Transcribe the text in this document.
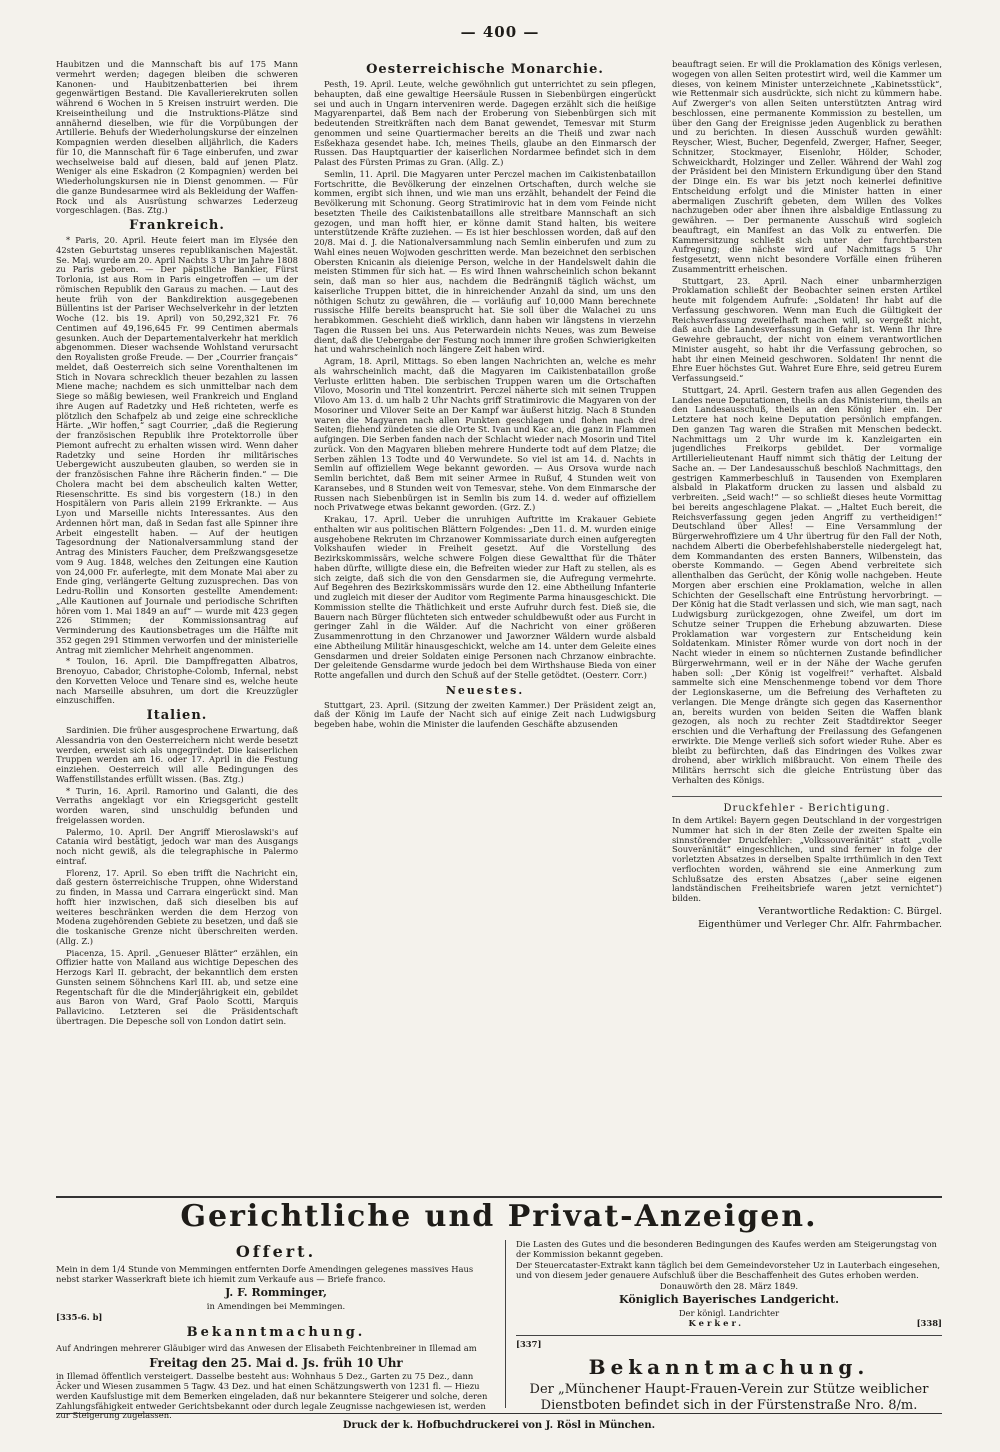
— 400 —

Haubitzen und die Mannschaft bis auf 175 Mann vermehrt werden; dagegen bleiben die schweren Kanonen- und Haubitzenbatterien bei ihrem gegenwärtigen Bestand. Die Kavallerierekruten sollen während 6 Wochen in 5 Kreisen instruirt werden. Die Kreiseintheilung und die Instruktions-Plätze sind annähernd dieselben, wie für die Vorpübungen der Artillerie. Behufs der Wiederholungskurse der einzelnen Kompagnien werden dieselben alljährlich, die Kaders für 10, die Mannschaft für 6 Tage einberufen, und zwar wechselweise bald auf diesen, bald auf jenen Platz. Weniger als eine Eskadron (2 Kompagnien) werden bei Wiederholungskursen nie in Dienst genommen. — Für die ganze Bundesarmee wird als Bekleidung der Waffen-Rock und als Ausrüstung schwarzes Lederzeug vorgeschlagen. (Bas. Ztg.)

Frankreich.

* Paris, 20. April. Heute feiert man im Elysée den 42sten Geburtstag unseres republikanischen Majestät. Se. Maj. wurde am 20. April Nachts 3 Uhr im Jahre 1808 zu Paris geboren. — Der päpstliche Bankier, Fürst Torlonia, ist aus Rom in Paris eingetroffen — um der römischen Republik den Garaus zu machen. — Laut des heute früh von der Bankdirektion ausgegebenen Büllentins ist der Pariser Wechselverkehr in der letzten Woche (12. bis 19. April) von 50,292,321 Fr. 76 Centimen auf 49,196,645 Fr. 99 Centimen abermals gesunken. Auch der Departementalverkehr hat merklich abgenommen. Dieser wachsende Wohlstand verursacht den Royalisten große Freude. — Der „Courrier français“ meldet, daß Oesterreich sich seine Vorenthaltenen im Stich in Novara schrecklich theuer bezahlen zu lassen Miene mache; nachdem es sich unmittelbar nach dem Siege so mäßig bewiesen, weil Frankreich und England ihre Augen auf Radetzky und Heß richteten, werfe es plötzlich den Schafpelz ab und zeige eine schreckliche Härte. „Wir hoffen,“ sagt Courrier, „daß die Regierung der französischen Republik ihre Protektorrolle über Piemont aufrecht zu erhalten wissen wird. Wenn daher Radetzky und seine Horden ihr militärisches Uebergewicht auszubeuten glauben, so werden sie in der französischen Fahne ihre Rächerin finden.“ — Die Cholera macht bei dem abscheulich kalten Wetter, Riesenschritte. Es sind bis vorgestern (18.) in den Hospitälern von Paris allein 2199 Erkrankte. — Aus Lyon und Marseille nichts Interessantes. Aus den Ardennen hört man, daß in Sedan fast alle Spinner ihre Arbeit eingestellt haben. — Auf der heutigen Tagesordnung der Nationalversammlung stand der Antrag des Ministers Faucher, dem Preßzwangsgesetze vom 9 Aug. 1848, welches den Zeitungen eine Kaution von 24,000 Fr. auferlegte, mit dem Monate Mai aber zu Ende ging, verlängerte Geltung zuzusprechen. Das von Ledru-Rollin und Konsorten gestellte Amendement: „Alle Kautionen auf Journale und periodische Schriften hören vom 1. Mai 1849 an auf“ — wurde mit 423 gegen 226 Stimmen; der Kommissionsantrag auf Verminderung des Kautionsbetrages um die Hälfte mit 352 gegen 291 Stimmen verworfen und der ministerielle Antrag mit ziemlicher Mehrheit angenommen.

* Toulon, 16. April. Die Dampffregatten Albatros, Brenoyuo, Cabador, Christophe-Colomb, Infernal, nebst den Korvetten Veloce und Tenare sind es, welche heute nach Marseille absuhren, um dort die Kreuzzügler einzuschiffen.

Italien.

Sardinien. Die früher ausgesprochene Erwartung, daß Alessandria von den Oesterreichern nicht werde besetzt werden, erweist sich als ungegründet. Die kaiserlichen Truppen werden am 16. oder 17. April in die Festung einziehen. Oesterreich will alle Bedingungen des Waffenstillstandes erfüllt wissen. (Bas. Ztg.)

* Turin, 16. April. Ramorino und Galanti, die des Verraths angeklagt vor ein Kriegsgericht gestellt worden waren, sind unschuldig befunden und freigelassen worden.

Palermo, 10. April. Der Angriff Mieroslawski's auf Catania wird bestätigt, jedoch war man des Ausgangs noch nicht gewiß, als die telegraphische in Palermo eintraf.

Florenz, 17. April. So eben trifft die Nachricht ein, daß gestern österreichische Truppen, ohne Widerstand zu finden, in Massa und Carrara eingerückt sind. Man hofft hier inzwischen, daß sich dieselben bis auf weiteres beschränken werden die dem Herzog von Modena zugehörenden Gebiete zu besetzen, und daß sie die toskanische Grenze nicht überschreiten werden. (Allg. Z.)

Piacenza, 15. April. „Genueser Blätter“ erzählen, ein Offizier hatte von Mailand aus wichtige Depeschen des Herzogs Karl II. gebracht, der bekanntlich dem ersten Gunsten seinem Söhnchens Karl III. ab, und setze eine Regentschaft für die die Minderjährigkeit ein, gebildet aus Baron von Ward, Graf Paolo Scotti, Marquis Pallavicino. Letzteren sei die Präsidentschaft übertragen. Die Depesche soll von London datirt sein.

Oesterreichische Monarchie.

Pesth, 19. April. Leute, welche gewöhnlich gut unterrichtet zu sein pflegen, behaupten, daß eine gewaltige Heersäule Russen in Siebenbürgen eingerückt sei und auch in Ungarn interveniren werde. Dagegen erzählt sich die heißige Magyarenpartei, daß Bem nach der Eroberung von Siebenbürgen sich mit bedeutenden Streitkräften nach dem Banat gewendet, Temesvar mit Sturm genommen und seine Quartiermacher bereits an die Theiß und zwar nach Esßekhaza gesendet habe. Ich, meines Theils, glaube an den Einmarsch der Russen. Das Hauptquartier der kaiserlichen Nordarmee befindet sich in dem Palast des Fürsten Primas zu Gran. (Allg. Z.)

Semlin, 11. April. Die Magyaren unter Perczel machen im Caikistenbataillon Fortschritte, die Bevölkerung der einzelnen Ortschaften, durch welche sie kommen, ergibt sich ihnen, und wie man uns erzählt, behandelt der Feind die Bevölkerung mit Schonung. Georg Stratimirovic hat in dem vom Feinde nicht besetzten Theile des Caikistenbataillons alle streitbare Mannschaft an sich gezogen, und man hofft hier, er könne damit Stand halten, bis weitere unterstützende Kräfte zuziehen. — Es ist hier beschlossen worden, daß auf den 20/8. Mai d. J. die Nationalversammlung nach Semlin einberufen und zum zu Wahl eines neuen Wojwoden geschritten werde. Man bezeichnet den serbischen Obersten Knicanin als dieienige Person, welche in der Handelswelt dahin die meisten Stimmen für sich hat. — Es wird Ihnen wahrscheinlich schon bekannt sein, daß man so hier aus, nachdem die Bedrängniß täglich wächst, um kaiserliche Truppen bittet, die in hinreichender Anzahl da sind, um uns den nöthigen Schutz zu gewähren, die — vorläufig auf 10,000 Mann berechnete russische Hilfe bereits beansprucht hat. Sie soll über die Walachei zu uns herabkommen. Geschieht dieß wirklich, dann haben wir längstens in vierzehn Tagen die Russen bei uns. Aus Peterwardein nichts Neues, was zum Beweise dient, daß die Uebergabe der Festung noch immer ihre großen Schwierigkeiten hat und wahrscheinlich noch längere Zeit haben wird.

Agram, 18. April, Mittags. So eben langen Nachrichten an, welche es mehr als wahrscheinlich macht, daß die Magyaren im Caikistenbataillon große Verluste erlitten haben. Die serbischen Truppen waren um die Ortschaften Vilovo, Mosorin und Titel konzentrirt. Perczel näherte sich mit seinen Truppen Vilovo Am 13. d. um halb 2 Uhr Nachts griff Stratimirovic die Magyaren von der Mosoriner und Vilover Seite an Der Kampf war äußerst hitzig. Nach 8 Stunden waren die Magyaren nach allen Punkten geschlagen und flohen nach drei Seiten; fliehend zündeten sie die Orte St. Ivan und Kac an, die ganz in Flammen aufgingen. Die Serben fanden nach der Schlacht wieder nach Mosorin und Titel zurück. Von den Magyaren blieben mehrere Hunderte todt auf dem Platze; die Serben zählen 13 Todte und 40 Verwundete. So viel ist am 14. d. Nachts in Semlin auf offiziellem Wege bekannt geworden. — Aus Orsova wurde nach Semlin berichtet, daß Bem mit seiner Armee in Rußuf, 4 Stunden weit von Karansebes, und 8 Stunden weit von Temesvar, stehe. Von dem Einmarsche der Russen nach Siebenbürgen ist in Semlin bis zum 14. d. weder auf offiziellem noch Privatwege etwas bekannt geworden. (Grz. Z.)

Krakau, 17. April. Ueber die unruhigen Auftritte im Krakauer Gebiete enthalten wir aus politischen Blättern Folgendes: „Den 11. d. M. wurden einige ausgehobene Rekruten im Chrzanower Kommissariate durch einen aufgeregten Volkshaufen wieder in Freiheit gesetzt. Auf die Vorstellung des Bezirkskommissärs, welche schwere Folgen diese Gewaltthat für die Thäter haben dürfte, willigte diese ein, die Befreiten wieder zur Haft zu stellen, als es sich zeigte, daß sich die von den Gensdarmen sie, die Aufregung vermehrte. Auf Begehren des Bezirkskommissärs wurde den 12. eine Abtheilung Infanterie und zugleich mit dieser der Auditor vom Regimente Parma hinausgeschickt. Die Kommission stellte die Thätlichkeit und erste Aufruhr durch fest. Dieß sie, die Bauern nach Bürger flüchteten sich entweder schuldbewußt oder aus Furcht in geringer Zahl in die Wälder. Auf die Nachricht von einer größeren Zusammenrottung in den Chrzanower und Jaworzner Wäldern wurde alsbald eine Abtheilung Militär hinausgeschickt, welche am 14. unter dem Geleite eines Gensdarmen und dreier Soldaten einige Personen nach Chrzanow einbrachte. Der geleitende Gensdarme wurde jedoch bei dem Wirthshause Bieda von einer Rotte angefallen und durch den Schuß auf der Stelle getödtet. (Oesterr. Corr.)

Neuestes.

Stuttgart, 23. April. (Sitzung der zweiten Kammer.) Der Präsident zeigt an, daß der König im Laufe der Nacht sich auf einige Zeit nach Ludwigsburg begeben habe, wohin die Minister die laufenden Geschäfte abzusenden

beauftragt seien. Er will die Proklamation des Königs verlesen, wogegen von allen Seiten protestirt wird, weil die Kammer um dieses, von keinem Minister unterzeichnete „Kabinetsstück“, wie Rettenmair sich ausdrückte, sich nicht zu kümmern habe. Auf Zwerger's von allen Seiten unterstützten Antrag wird beschlossen, eine permanente Kommission zu bestellen, um über den Gang der Ereignisse jeden Augenblick zu berathen und zu berichten. In diesen Ausschuß wurden gewählt: Reyscher, Wiest, Bucher, Degenfeld, Zwerger, Hafner, Seeger, Schnitzer, Stockmayer, Eisenlohr, Hölder, Schoder, Schweickhardt, Holzinger und Zeller. Während der Wahl zog der Präsident bei den Ministern Erkundigung über den Stand der Dinge ein. Es war bis jetzt noch keinerlei definitive Entscheidung erfolgt und die Minister hatten in einer abermaligen Zuschrift gebeten, dem Willen des Volkes nachzugeben oder aber ihnen ihre alsbaldige Entlassung zu gewähren. — Der permanente Ausschuß wird sogleich beauftragt, ein Manifest an das Volk zu entwerfen. Die Kammersitzung schließt sich unter der furchtbarsten Aufregung; die nächste wird auf Nachmittags 5 Uhr festgesetzt, wenn nicht besondere Vorfälle einen früheren Zusammentritt erheischen.

Stuttgart, 23. April. Nach einer unbarmherzigen Proklamation schließt der Beobachter seinen ersten Artikel heute mit folgendem Aufrufe: „Soldaten! Ihr habt auf die Verfassung geschworen. Wenn man Euch die Gültigkeit der Reichsverfassung zweifelhaft machen will, so vergeßt nicht, daß auch die Landesverfassung in Gefahr ist. Wenn Ihr Ihre Gewehre gebraucht, der nicht von einem verantwortlichen Minister ausgeht, so habt ihr die Verfassung gebrochen, so habt ihr einen Meineid geschworen. Soldaten! Ihr nennt die Ehre Euer höchstes Gut. Wahret Eure Ehre, seid getreu Eurem Verfassungseid.“

Stuttgart, 24. April. Gestern trafen aus allen Gegenden des Landes neue Deputationen, theils an das Ministerium, theils an den Landesausschuß, theils an den König hier ein. Der Letztere hat noch keine Deputation persönlich empfangen. Den ganzen Tag waren die Straßen mit Menschen bedeckt. Nachmittags um 2 Uhr wurde im k. Kanzleigarten ein jugendliches Freikorps gebildet. Der vormalige Artillerielieutenant Hauff nimmt sich thätig der Leitung der Sache an. — Der Landesausschuß beschloß Nachmittags, den gestrigen Kammerbeschluß in Tausenden von Exemplaren alsbald in Plakatform drucken zu lassen und alsbald zu verbreiten. „Seid wach!“ — so schließt dieses heute Vormittag bei bereits angeschlagene Plakat. — „Haltet Euch bereit, die Reichsverfassung gegen jeden Angriff zu vertheidigen!“ Deutschland über Alles! — Eine Versammlung der Bürgerwehroffiziere um 4 Uhr übertrug für den Fall der Noth, nachdem Alberti die Oberbefehlshaberstelle niedergelegt hat, dem Kommandanten des ersten Banners, Wilbenstein, das oberste Kommando. — Gegen Abend verbreitete sich allenthalben das Gerücht, der König wolle nachgeben. Heute Morgen aber erschien eine Proklamation, welche in allen Schichten der Gesellschaft eine Entrüstung hervorbringt. — Der König hat die Stadt verlassen und sich, wie man sagt, nach Ludwigsburg zurückgezogen, ohne Zweifel, um dort im Schutze seiner Truppen die Erhebung abzuwarten. Diese Proklamation war vorgestern zur Entscheidung kein Soldatenkam. Minister Römer wurde von dort noch in der Nacht wieder in einem so nüchternen Zustande befindlicher Bürgerwehrmann, weil er in der Nähe der Wache gerufen haben soll: „Der König ist vogelfrei!“ verhaftet. Alsbald sammelte sich eine Menschenmenge tobend vor dem Thore der Legionskaserne, um die Befreiung des Verhafteten zu verlangen. Die Menge drängte sich gegen das Kasernenthor an, bereits wurden von beiden Seiten die Waffen blank gezogen, als noch zu rechter Zeit Stadtdirektor Seeger erschien und die Verhaftung der Freilassung des Gefangenen erwirkte. Die Menge verließ sich sofort wieder Ruhe. Aber es bleibt zu befürchten, daß das Eindringen des Volkes zwar drohend, aber wirklich mißbraucht. Von einem Theile des Militärs herrscht sich die gleiche Entrüstung über das Verhalten des Königs.

Druckfehler - Berichtigung.

In dem Artikel: Bayern gegen Deutschland in der vorgestrigen Nummer hat sich in der 8ten Zeile der zweiten Spalte ein sinnstörender Druckfehler: „Volkssouveränität“ statt „volle Souveränität“ eingeschlichen, und sind ferner in folge der vorletzten Absatzes in derselben Spalte irrthümlich in den Text verflochten worden, während sie eine Anmerkung zum Schlußsatze des ersten Absatzes („aber seine eigenen landständischen Freiheitsbriefe waren jetzt vernichtet“) bilden.

Verantwortliche Redaktion: C. Bürgel.
Eigenthümer und Verleger Chr. Alfr. Fahrmbacher.
Gerichtliche und Privat-Anzeigen.
Offert.

Mein in dem 1/4 Stunde von Memmingen entfernten Dorfe Amendingen gelegenes massives Haus nebst starker Wasserkraft biete ich hiemit zum Verkaufe aus — Briefe franco.

J. F. Romminger,

in Amendingen bei Memmingen.

[335-6. b]

Bekanntmachung.

Auf Andringen mehrerer Gläubiger wird das Anwesen der Elisabeth Feichtenbreiner in Illemad am

Freitag den 25. Mai d. Js. früh 10 Uhr

in Illemad öffentlich versteigert. Dasselbe besteht aus: Wohnhaus 5 Dez., Garten zu 75 Dez., dann Äcker und Wiesen zusammen 5 Tagw. 43 Dez. und hat einen Schätzungswerth von 1231 fl. — Hiezu werden Kaufslustige mit dem Bemerken eingeladen, daß nur bekanntere Steigerer und solche, deren Zahlungsfähigkeit entweder Gerichtsbekannt oder durch legale Zeugnisse nachgewiesen ist, werden zur Steigerung zugelassen.

Die Lasten des Gutes und die besonderen Bedingungen des Kaufes werden am Steigerungstag von der Kommission bekannt gegeben.

Der Steuercataster-Extrakt kann täglich bei dem Gemeindevorsteher Uz in Lauterbach eingesehen, und von diesem jeder genauere Aufschluß über die Beschaffenheit des Gutes erhoben werden.

Donauwörth den 28. März 1849.

Königlich Bayerisches Landgericht.

Der königl. Landrichter

Kerker.	[338]

[337]

Bekanntmachung.
Der „Münchener Haupt-Frauen-Verein zur Stütze weiblicher Dienstboten befindet sich in der Fürstenstraße Nro. 8/m.
Druck der k. Hofbuchdruckerei von J. Rösl in München.
